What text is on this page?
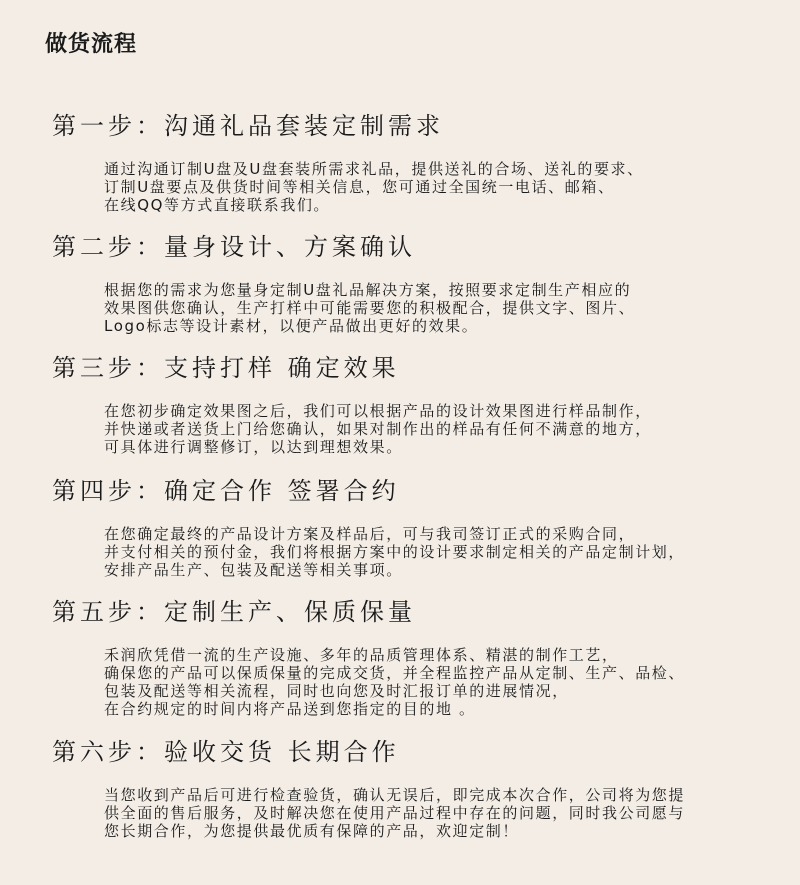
做货流程
第一步：沟通礼品套装定制需求
通过沟通订制U盘及U盘套装所需求礼品，提供送礼的合场、送礼的要求、
订制U盘要点及供货时间等相关信息，您可通过全国统一电话、邮箱、
在线QQ等方式直接联系我们。
第二步：量身设计、方案确认
根据您的需求为您量身定制U盘礼品解决方案，按照要求定制生产相应的
效果图供您确认，生产打样中可能需要您的积极配合，提供文字、图片、
Logo标志等设计素材，以便产品做出更好的效果。
第三步：支持打样 确定效果
在您初步确定效果图之后，我们可以根据产品的设计效果图进行样品制作，
并快递或者送货上门给您确认，如果对制作出的样品有任何不满意的地方，
可具体进行调整修订，以达到理想效果。
第四步：确定合作 签署合约
在您确定最终的产品设计方案及样品后，可与我司签订正式的采购合同，
并支付相关的预付金，我们将根据方案中的设计要求制定相关的产品定制计划，
安排产品生产、包装及配送等相关事项。
第五步：定制生产、保质保量
禾润欣凭借一流的生产设施、多年的品质管理体系、精湛的制作工艺，
确保您的产品可以保质保量的完成交货，并全程监控产品从定制、生产、品检、
包装及配送等相关流程，同时也向您及时汇报订单的进展情况，
在合约规定的时间内将产品送到您指定的目的地 。
第六步：验收交货 长期合作
当您收到产品后可进行检查验货，确认无误后，即完成本次合作，公司将为您提
供全面的售后服务，及时解决您在使用产品过程中存在的问题，同时我公司愿与
您长期合作，为您提供最优质有保障的产品，欢迎定制！
